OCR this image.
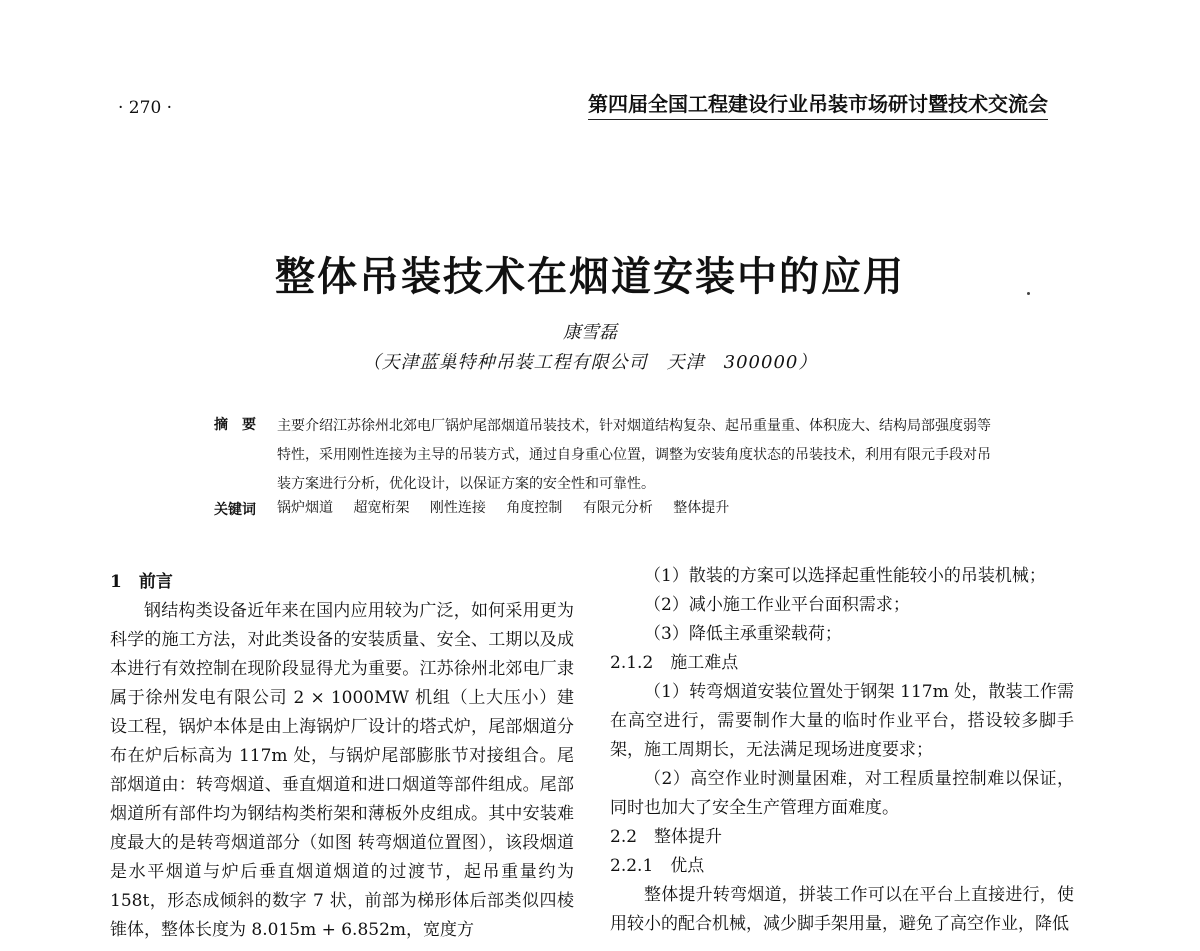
· 270 ·	第四届全国工程建设行业吊装市场研讨暨技术交流会
整体吊装技术在烟道安装中的应用
康雪磊
（天津蓝巢特种吊装工程有限公司　天津　300000）
摘要 主要介绍江苏徐州北郊电厂锅炉尾部烟道吊装技术，针对烟道结构复杂、起吊重量重、体积庞大、结构局部强度弱等特性，采用刚性连接为主导的吊装方式，通过自身重心位置，调整为安装角度状态的吊装技术，利用有限元手段对吊装方案进行分析，优化设计，以保证方案的安全性和可靠性。
关键词 锅炉烟道 超宽桁架 刚性连接 角度控制 有限元分析 整体提升

1　前言

钢结构类设备近年来在国内应用较为广泛，如何采用更为科学的施工方法，对此类设备的安装质量、安全、工期以及成本进行有效控制在现阶段显得尤为重要。江苏徐州北郊电厂隶属于徐州发电有限公司 2 × 1000MW 机组（上大压小）建设工程，锅炉本体是由上海锅炉厂设计的塔式炉，尾部烟道分布在炉后标高为 117m 处，与锅炉尾部膨胀节对接组合。尾部烟道由：转弯烟道、垂直烟道和进口烟道等部件组成。尾部烟道所有部件均为钢结构类桁架和薄板外皮组成。其中安装难度最大的是转弯烟道部分（如图 转弯烟道位置图），该段烟道是水平烟道与炉后垂直烟道烟道的过渡节，起吊重量约为 158t，形态成倾斜的数字 7 状，前部为梯形体后部类似四棱锥体，整体长度为 8.015m + 6.852m，宽度方

（1）散装的方案可以选择起重性能较小的吊装机械；

（2）减小施工作业平台面积需求；

（3）降低主承重梁载荷；

2.1.2　施工难点

（1）转弯烟道安装位置处于钢架 117m 处，散装工作需在高空进行，需要制作大量的临时作业平台，搭设较多脚手架，施工周期长，无法满足现场进度要求；

（2）高空作业时测量困难，对工程质量控制难以保证，同时也加大了安全生产管理方面难度。

2.2　整体提升

2.2.1　优点

整体提升转弯烟道，拼装工作可以在平台上直接进行，使用较小的配合机械，减少脚手架用量，避免了高空作业，降低
